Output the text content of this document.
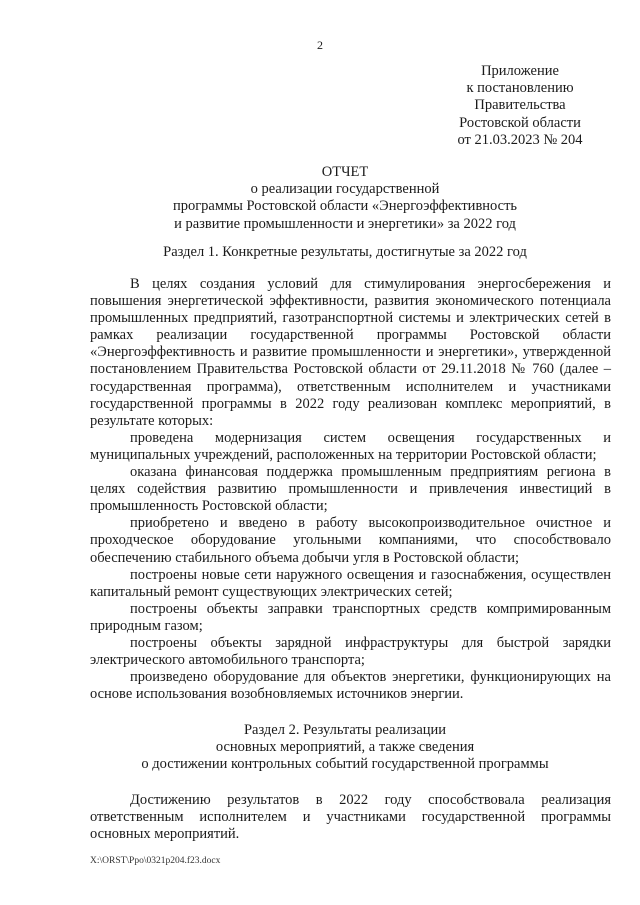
2
Приложение
к постановлению
Правительства
Ростовской области
от 21.03.2023 № 204
ОТЧЕТ
о реализации государственной
программы Ростовской области «Энергоэффективность
и развитие промышленности и энергетики» за 2022 год
Раздел 1. Конкретные результаты, достигнутые за 2022 год

В целях создания условий для стимулирования энергосбережения и повышения энергетической эффективности, развития экономического потенциала промышленных предприятий, газотранспортной системы и электрических сетей в рамках реализации государственной программы Ростовской области «Энергоэффективность и развитие промышленности и энергетики», утвержденной постановлением Правительства Ростовской области от 29.11.2018 № 760 (далее – государственная программа), ответственным исполнителем и участниками государственной программы в 2022 году реализован комплекс мероприятий, в результате которых:

проведена модернизация систем освещения государственных и муниципальных учреждений, расположенных на территории Ростовской области;

оказана финансовая поддержка промышленным предприятиям региона в целях содействия развитию промышленности и привлечения инвестиций в промышленность Ростовской области;

приобретено и введено в работу высокопроизводительное очистное и проходческое оборудование угольными компаниями, что способствовало обеспечению стабильного объема добычи угля в Ростовской области;

построены новые сети наружного освещения и газоснабжения, осуществлен капитальный ремонт существующих электрических сетей;

построены объекты заправки транспортных средств компримированным природным газом;

построены объекты зарядной инфраструктуры для быстрой зарядки электрического автомобильного транспорта;

произведено оборудование для объектов энергетики, функционирующих на основе использования возобновляемых источников энергии.

Раздел 2. Результаты реализации
основных мероприятий, а также сведения
о достижении контрольных событий государственной программы

Достижению результатов в 2022 году способствовала реализация ответственным исполнителем и участниками государственной программы основных мероприятий.

X:\ORST\Ppo\0321p204.f23.docx
